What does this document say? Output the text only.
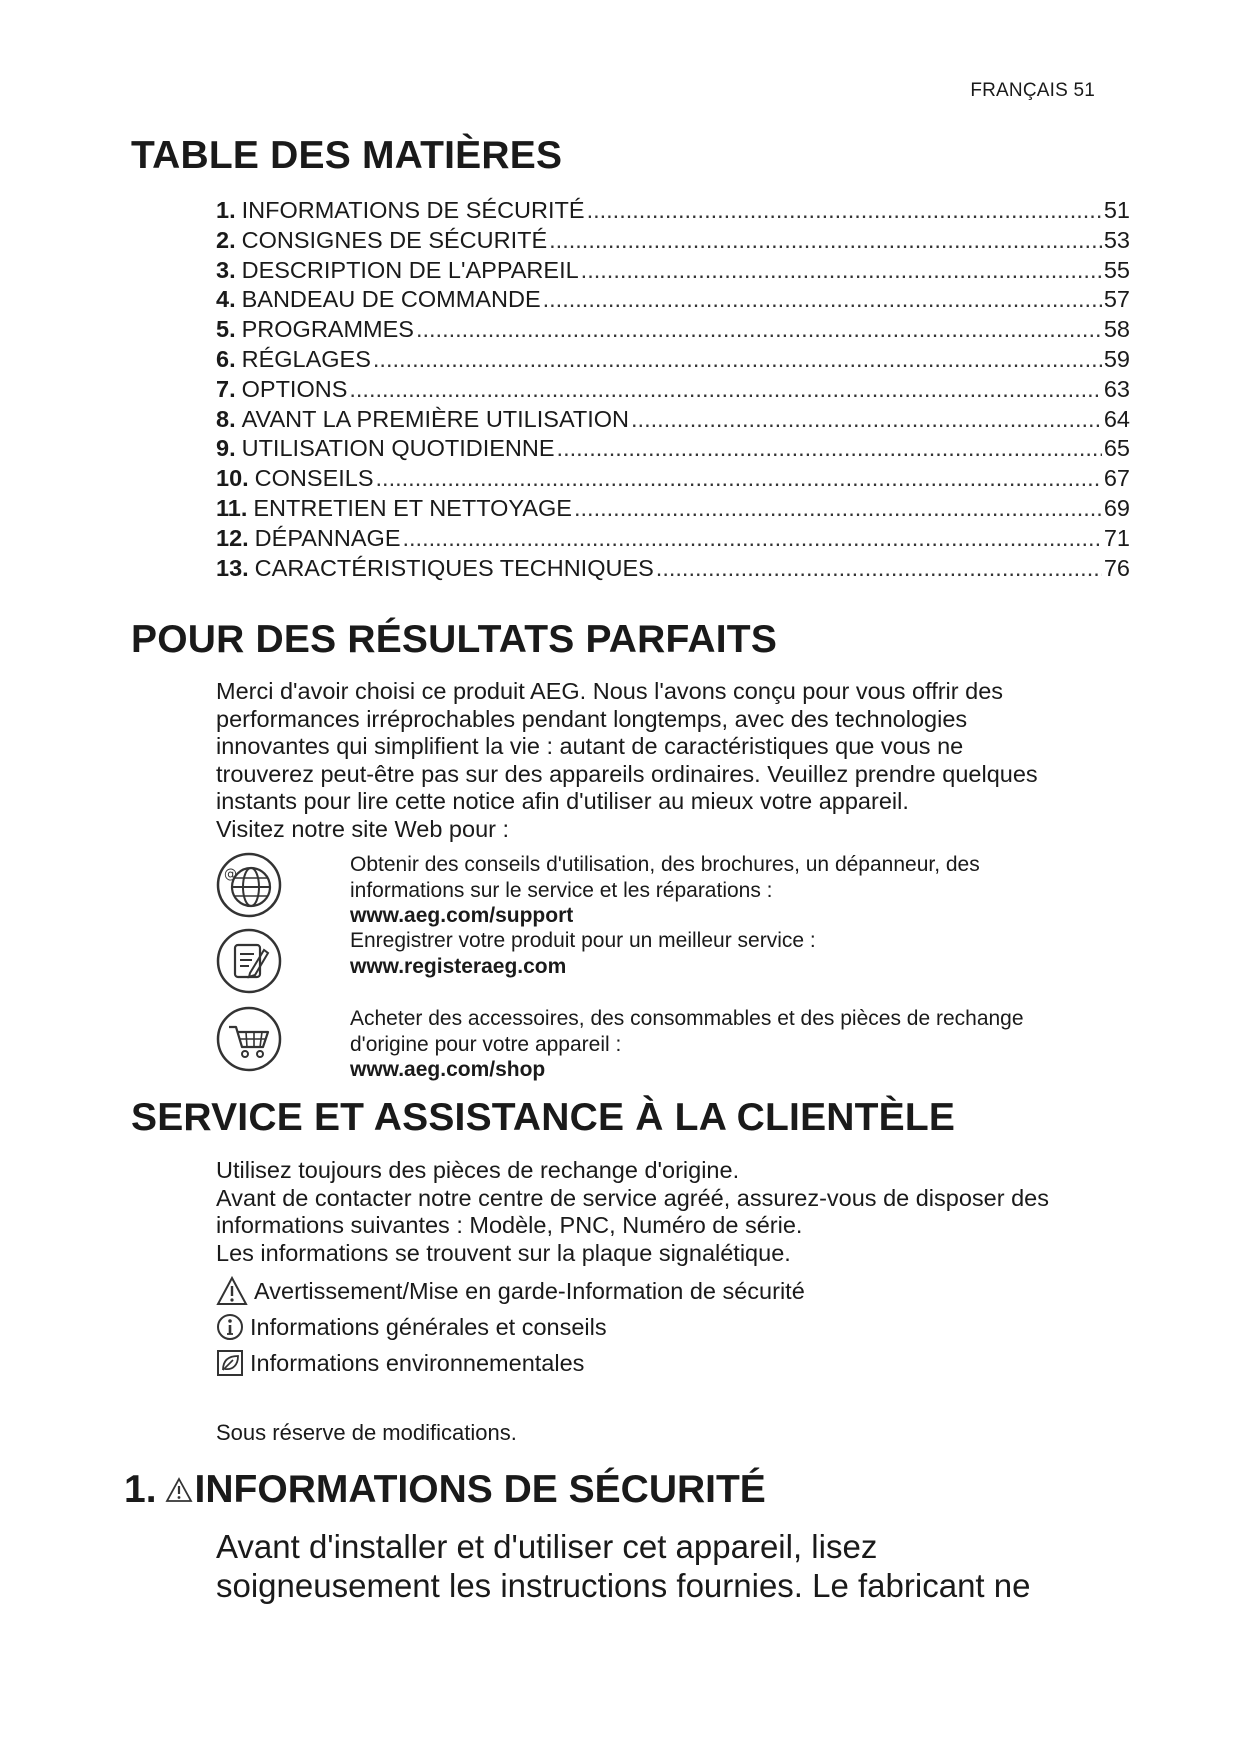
FRANÇAIS 51
TABLE DES MATIÈRES
1. INFORMATIONS DE SÉCURITÉ .....	51
2. CONSIGNES DE SÉCURITÉ .....	53
3. DESCRIPTION DE L'APPAREIL .....	55
4. BANDEAU DE COMMANDE .....	57
5. PROGRAMMES .....	58
6. RÉGLAGES .....	59
7. OPTIONS .....	63
8. AVANT LA PREMIÈRE UTILISATION .....	64
9. UTILISATION QUOTIDIENNE .....	65
10. CONSEILS .....	67
11. ENTRETIEN ET NETTOYAGE .....	69
12. DÉPANNAGE .....	71
13. CARACTÉRISTIQUES TECHNIQUES .....	76
POUR DES RÉSULTATS PARFAITS

Merci d'avoir choisi ce produit AEG. Nous l'avons conçu pour vous offrir des

performances irréprochables pendant longtemps, avec des technologies

innovantes qui simplifient la vie : autant de caractéristiques que vous ne

trouverez peut-être pas sur des appareils ordinaires. Veuillez prendre quelques

instants pour lire cette notice afin d'utiliser au mieux votre appareil.

Visitez notre site Web pour :

@	Obtenir des conseils d'utilisation, des brochures, un dépanneur, des
informations sur le service et les réparations :
www.aeg.com/support
Enregistrer votre produit pour un meilleur service :
www.registeraeg.com
Acheter des accessoires, des consommables et des pièces de rechange
d'origine pour votre appareil :
www.aeg.com/shop
SERVICE ET ASSISTANCE À LA CLIENTÈLE

Utilisez toujours des pièces de rechange d'origine.

Avant de contacter notre centre de service agréé, assurez-vous de disposer des

informations suivantes : Modèle, PNC, Numéro de série.

Les informations se trouvent sur la plaque signalétique.

Avertissement/Mise en garde-Information de sécurité
Informations générales et conseils
Informations environnementales
Sous réserve de modifications.
1. INFORMATIONS DE SÉCURITÉ

Avant d'installer et d'utiliser cet appareil, lisez

soigneusement les instructions fournies. Le fabricant ne
